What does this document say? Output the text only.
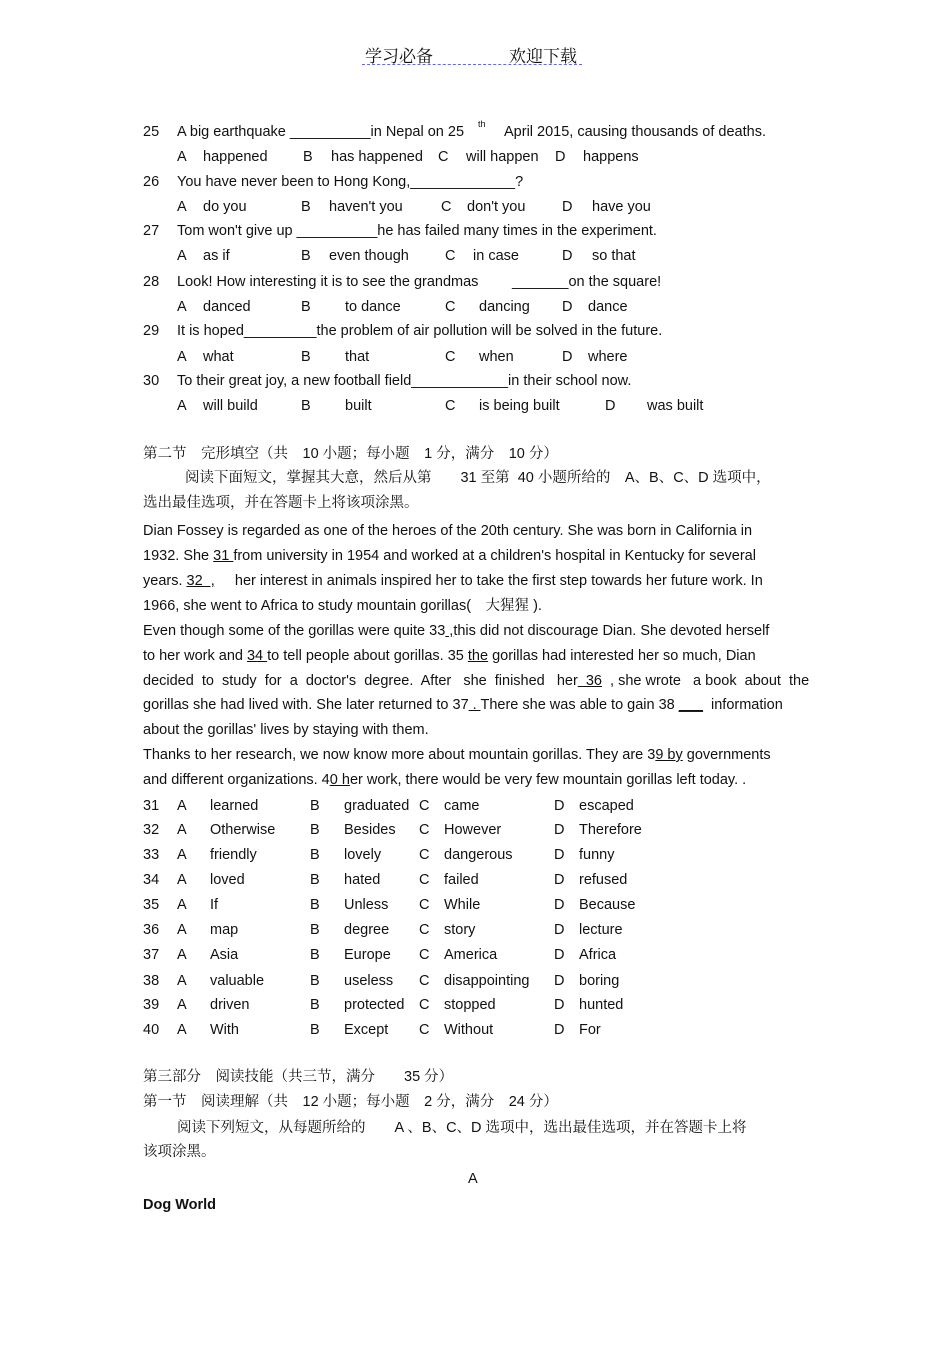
学习必备	欢迎下载
25 A big earthquake __________in Nepal on 25 th April 2015, causing thousands of deaths.
A happened B has happened C will happen D happens
26 You have never been to Hong Kong,_____________?
A do you	B haven't you	C don't you	D have you
27 Tom won't give up __________he has failed many times in the experiment.
A as if	B even though C in case	D so that
28 Look! How interesting it is to see the grandmas _______on the square!
A danced	B to dance	C dancing D dance
29 It is hoped_________the problem of air pollution will be solved in the future.
A what	B that	C when	D where
30 To their great joy, a new football field____________in their school now.
A will build	B built	C is being built	D was built
第二节　完形填空（共　10 小题；每小题　1 分，满分　10 分）
阅读下面短文，掌握其大意，然后从第　　31 至第  40 小题所给的　A、B、C、D 选项中，
选出最佳选项，并在答题卡上将该项涂黑。
Dian Fossey is regarded as one of the heroes of the 20th century. She was born in California in
1932. She 31 from university in 1954 and worked at a children's hospital in Kentucky for several
years. 32  ,     her interest in animals inspired her to take the first step towards her future work. In
1966, she went to Africa to study mountain gorillas(　大猩猩 ).
Even though some of the gorillas were quite 33 ,this did not discourage Dian. She devoted herself
to her work and 34 to tell people about gorillas. 35 the gorillas had interested her so much, Dian
decided  to  study  for  a  doctor's  degree.  After   she  finished   her  36  , she wrote   a book  about  the
gorillas she had lived with. She later returned to 37 . There she was able to gain 38 ___  information
about the gorillas' lives by staying with them.
Thanks to her research, we now know more about mountain gorillas. They are 39 by governments
and different organizations. 40 her work, there would be very few mountain gorillas left today. .
31 A learned	B graduated C came	D escaped
32 A Otherwise B Besides C However	D Therefore
33 A friendly	B lovely	C dangerous	D funny
34 A loved	B hated	C failed	D refused
35 A If	B Unless C While	D Because
36 A map	B degree C story	D lecture
37 A Asia	B Europe C America	D Africa
38 A valuable	B useless C disappointing D boring
39 A driven	B protected C stopped	D hunted
40 A With	B Except C Without	D For
第三部分　阅读技能（共三节，满分　　35 分）
第一节　阅读理解（共　12 小题；每小题　2 分，满分　24 分）
阅读下列短文，从每题所给的　　A 、B、C、D 选项中，选出最佳选项，并在答题卡上将
该项涂黑。
A
Dog World
